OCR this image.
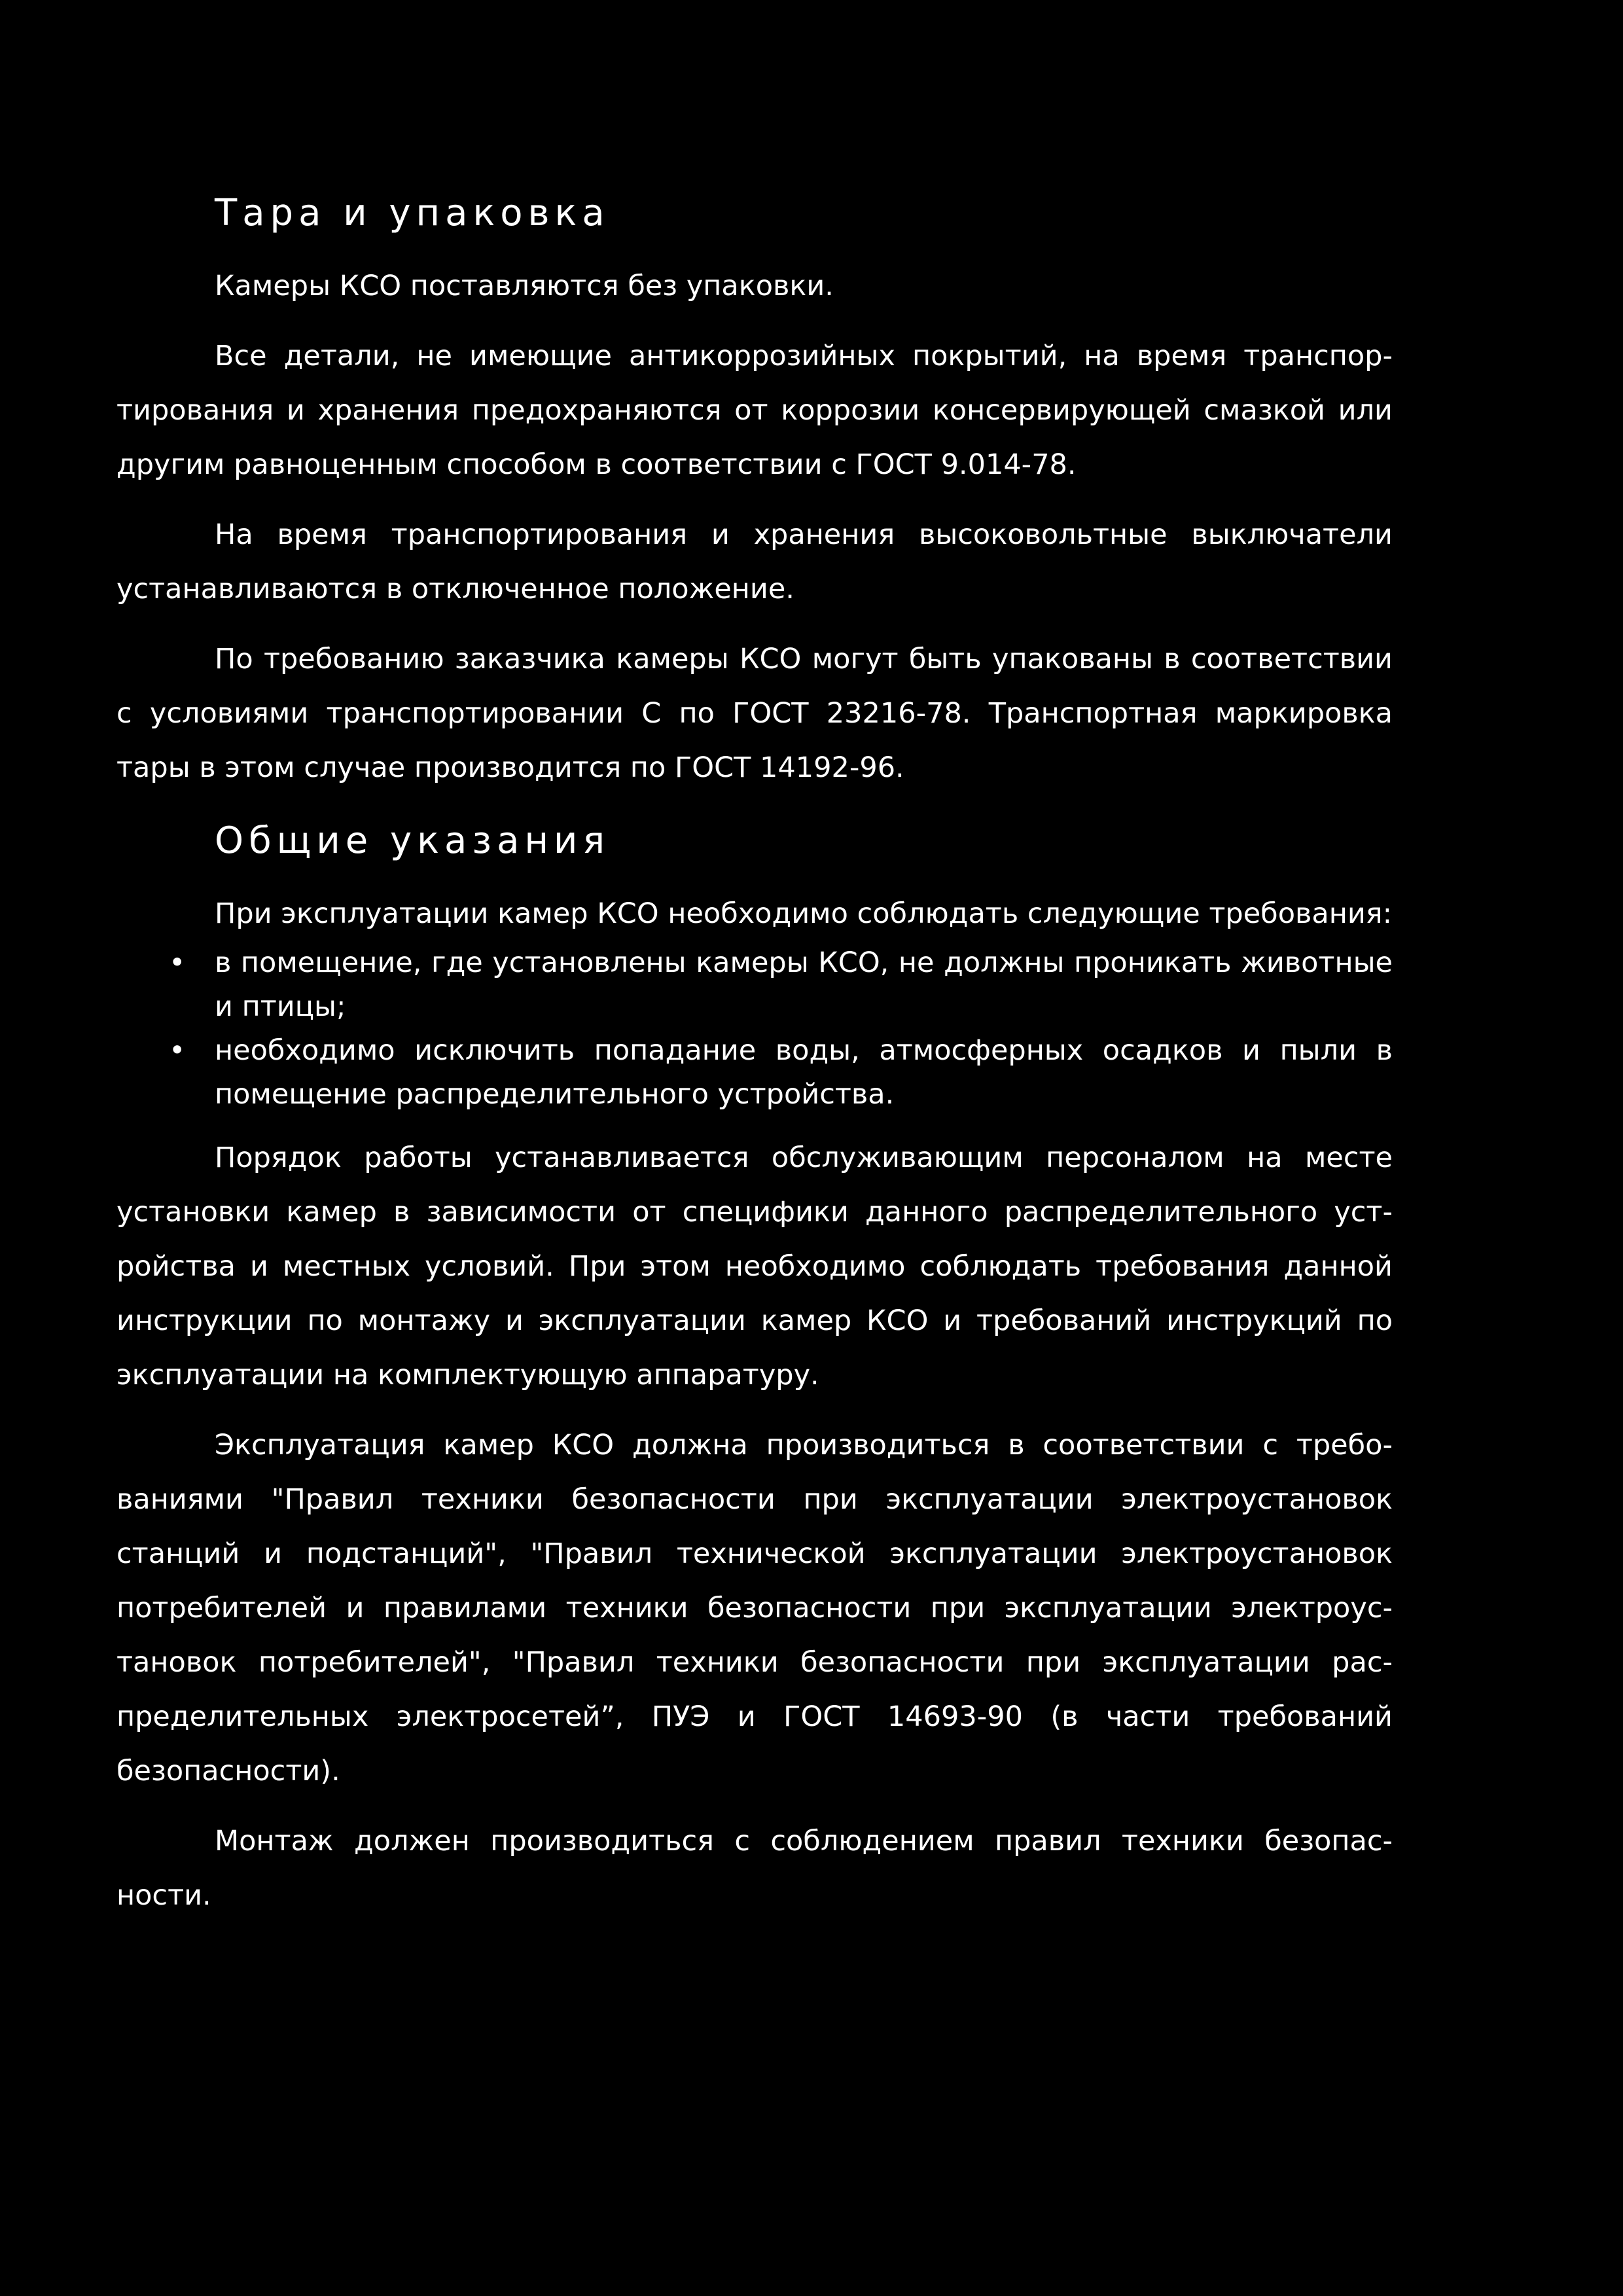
Тара и упаковка

Камеры КСО поставляются без упаковки.

Все детали, не имеющие антикоррозийных покрытий, на время транспортирования и хранения предохраняются от коррозии консервирующей смазкой или другим равноценным способом в соответствии с ГОСТ 9.014-78.

На время транспортирования и хранения высоковольтные выключатели устанавливаются в отключенное положение.

По требованию заказчика камеры КСО могут быть упакованы в соответствии с условиями транспортировании С по ГОСТ 23216-78. Транспортная маркировка тары в этом случае производится по ГОСТ 14192-96.

Общие указания

При эксплуатации камер КСО необходимо соблюдать следующие требования:

• в помещение, где установлены камеры КСО, не должны проникать животные и птицы;
• необходимо исключить попадание воды, атмосферных осадков и пыли в помещение распределительного устройства.

Порядок работы устанавливается обслуживающим персоналом на месте установки камер в зависимости от специфики данного распределительного устройства и местных условий. При этом необходимо соблюдать требования данной инструкции по монтажу и эксплуатации камер КСО и требований инструкций по эксплуатации на комплектующую аппаратуру.

Эксплуатация камер КСО должна производиться в соответствии с требованиями "Правил техники безопасности при эксплуатации электроустановок станций и подстанций", "Правил технической эксплуатации электроустановок потребителей и правилами техники безопасности при эксплуатации электроустановок потребителей", "Правил техники безопасности при эксплуатации распределительных электросетей”, ПУЭ и ГОСТ 14693-90 (в части требований безопасности).

Монтаж должен производиться с соблюдением правил техники безопасности.
